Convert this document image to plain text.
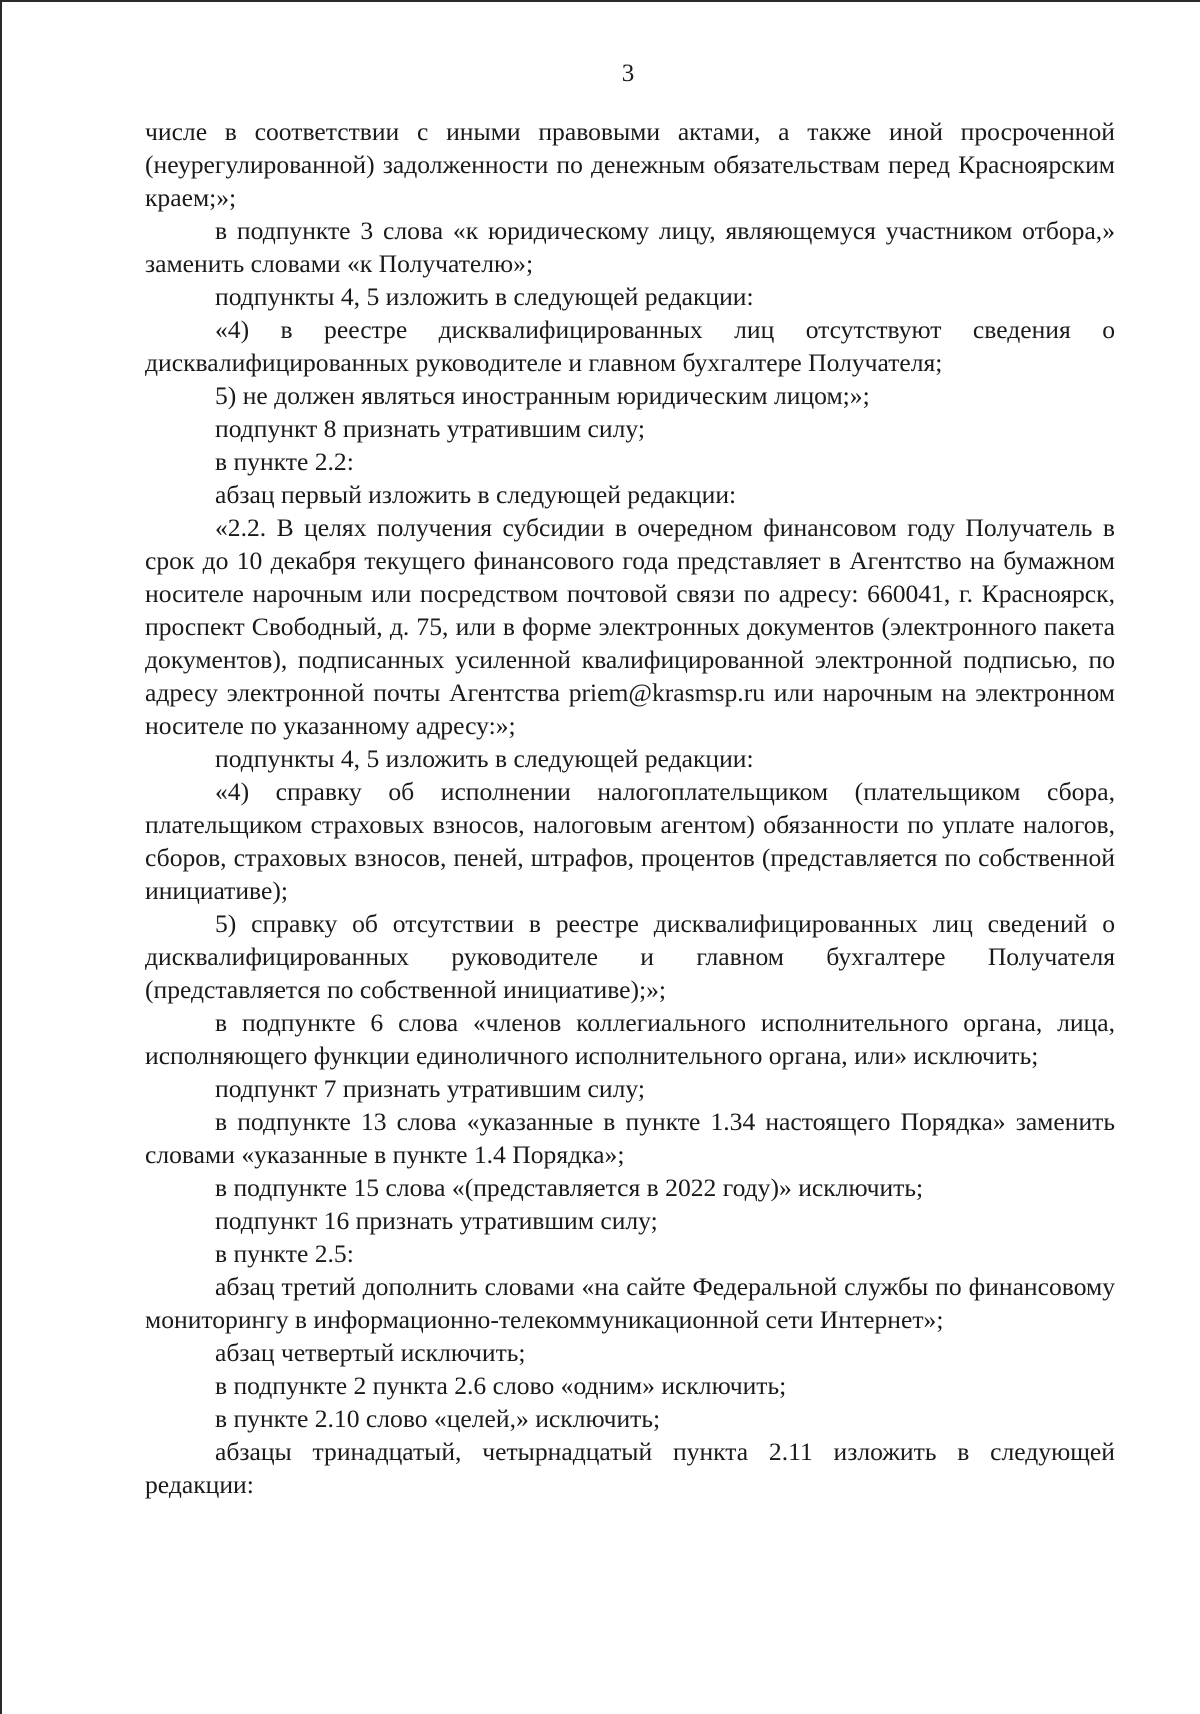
3

числе в соответствии с иными правовыми актами, а также иной просроченной (неурегулированной) задолженности по денежным обязательствам перед Красноярским краем;»;

в подпункте 3 слова «к юридическому лицу, являющемуся участником отбора,» заменить словами «к Получателю»;

подпункты 4, 5 изложить в следующей редакции:

«4) в реестре дисквалифицированных лиц отсутствуют сведения о дисквалифицированных руководителе и главном бухгалтере Получателя;

5) не должен являться иностранным юридическим лицом;»;

подпункт 8 признать утратившим силу;

в пункте 2.2:

абзац первый изложить в следующей редакции:

«2.2. В целях получения субсидии в очередном финансовом году Получатель в срок до 10 декабря текущего финансового года представляет в Агентство на бумажном носителе нарочным или посредством почтовой связи по адресу: 660041, г. Красноярск, проспект Свободный, д. 75, или в форме электронных документов (электронного пакета документов), подписанных усиленной квалифицированной электронной подписью, по адресу электронной почты Агентства priem@krasmsp.ru или нарочным на электронном носителе по указанному адресу:»;

подпункты 4, 5 изложить в следующей редакции:

«4) справку об исполнении налогоплательщиком (плательщиком сбора, плательщиком страховых взносов, налоговым агентом) обязанности по уплате налогов, сборов, страховых взносов, пеней, штрафов, процентов (представляется по собственной инициативе);

5) справку об отсутствии в реестре дисквалифицированных лиц сведений о дисквалифицированных руководителе и главном бухгалтере Получателя (представляется по собственной инициативе);»;

в подпункте 6 слова «членов коллегиального исполнительного органа, лица, исполняющего функции единоличного исполнительного органа, или» исключить;

подпункт 7 признать утратившим силу;

в подпункте 13 слова «указанные в пункте 1.34 настоящего Порядка» заменить словами «указанные в пункте 1.4 Порядка»;

в подпункте 15 слова «(представляется в 2022 году)» исключить;

подпункт 16 признать утратившим силу;

в пункте 2.5:

абзац третий дополнить словами «на сайте Федеральной службы по финансовому мониторингу в информационно-телекоммуникационной сети Интернет»;

абзац четвертый исключить;

в подпункте 2 пункта 2.6 слово «одним» исключить;

в пункте 2.10 слово «целей,» исключить;

абзацы тринадцатый, четырнадцатый пункта 2.11 изложить в следующей редакции:
